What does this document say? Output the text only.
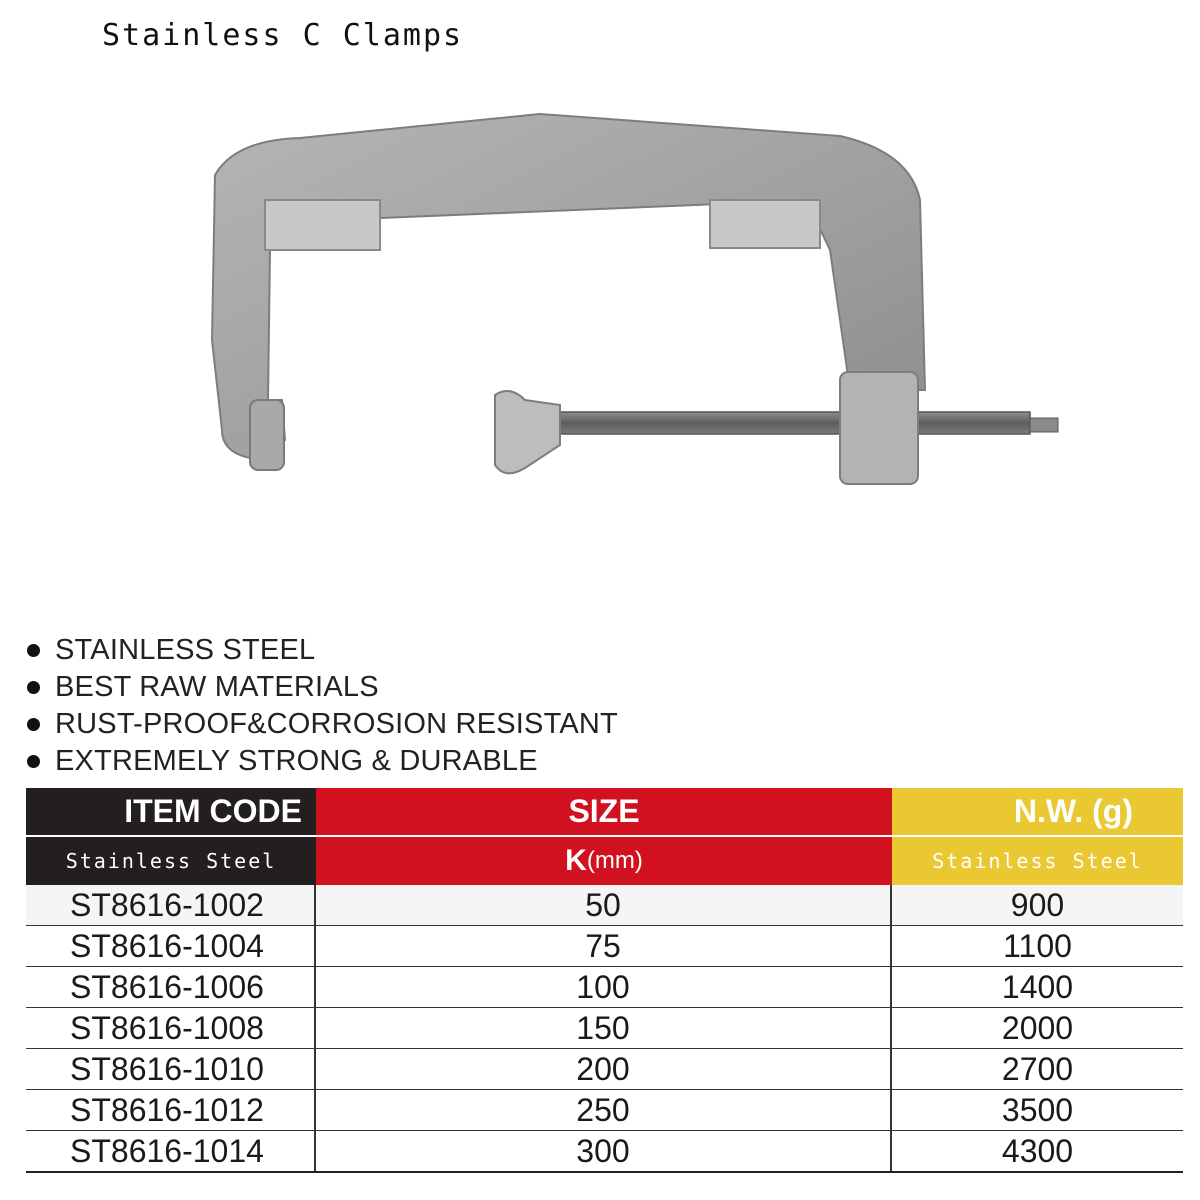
Stainless C Clamps
STAINLESS STEEL
BEST RAW MATERIALS
RUST-PROOF&CORROSION RESISTANT
EXTREMELY STRONG & DURABLE
ITEM CODE	SIZE	N.W. (g)
Stainless Steel	K (mm)	Stainless Steel
ST8616-1002	50	900
ST8616-1004	75	1100
ST8616-1006	100	1400
ST8616-1008	150	2000
ST8616-1010	200	2700
ST8616-1012	250	3500
ST8616-1014	300	4300
